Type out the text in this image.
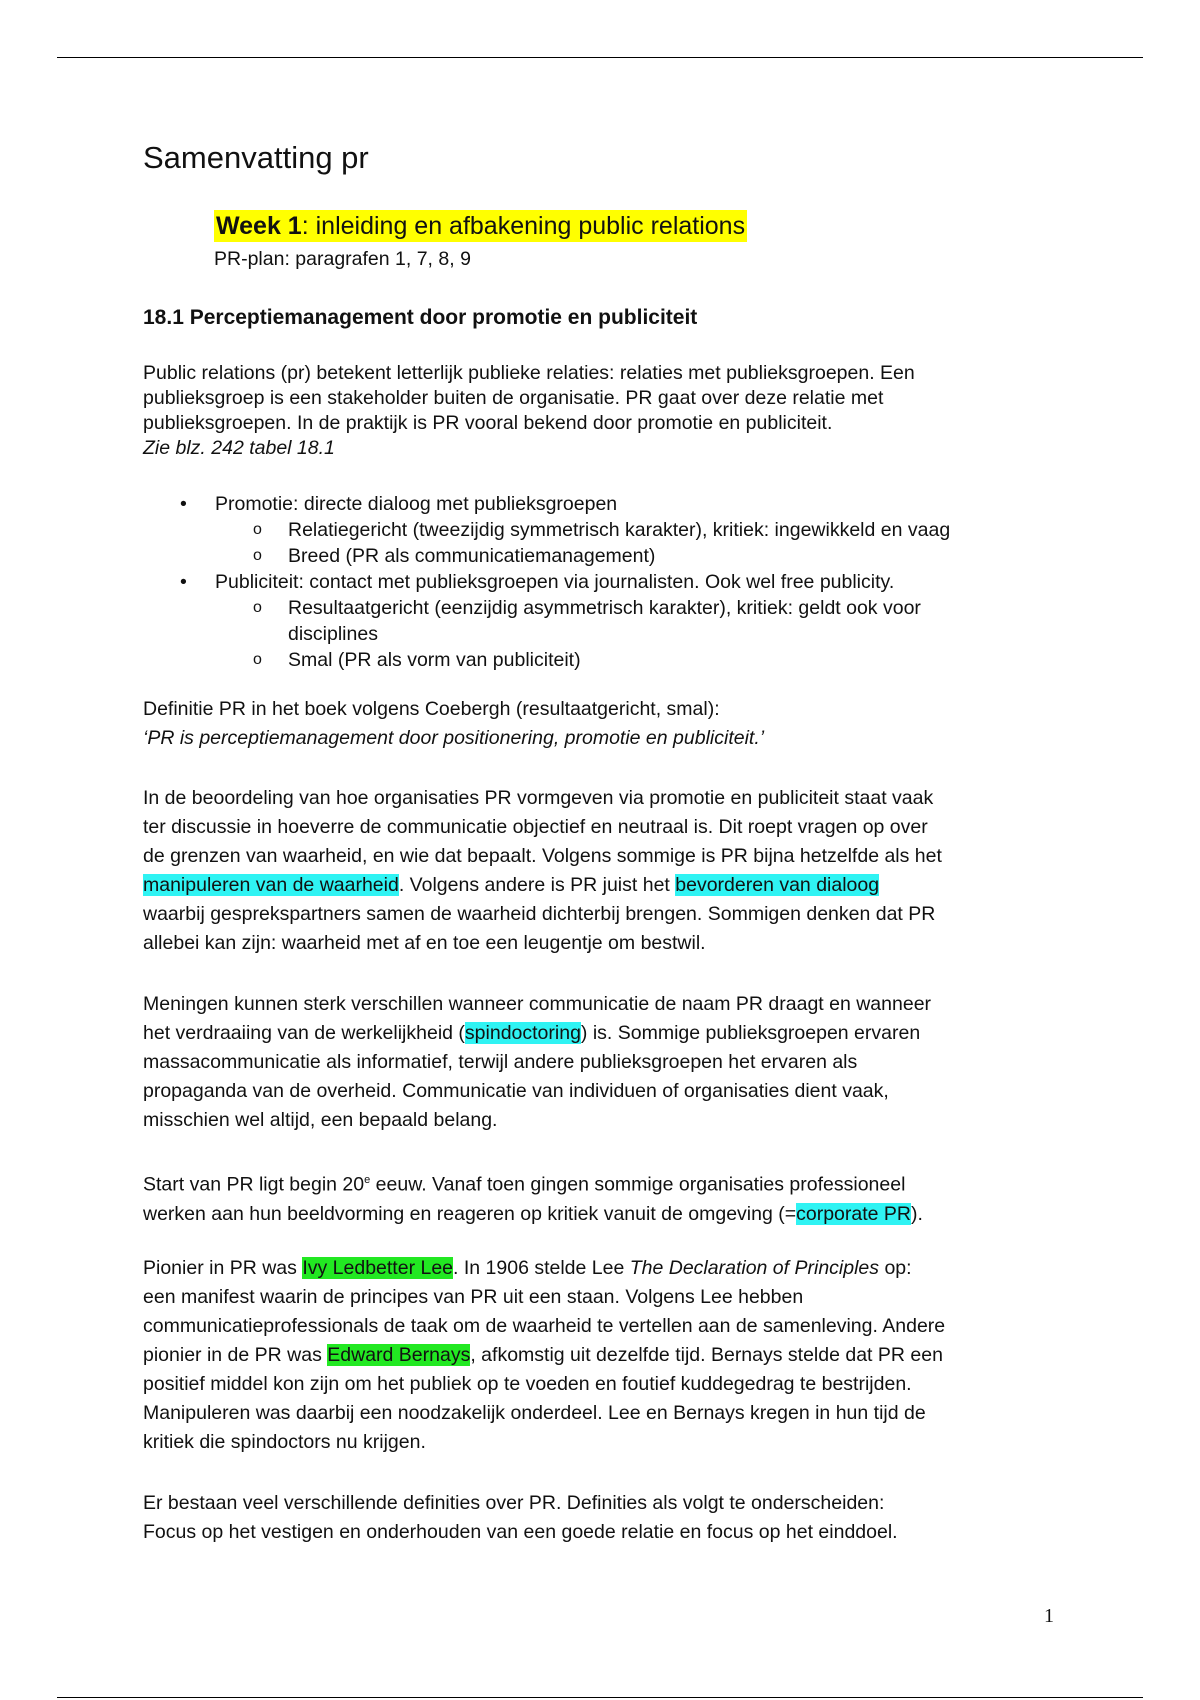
Samenvatting pr
Week 1: inleiding en afbakening public relations
PR-plan: paragrafen 1, 7, 8, 9
18.1 Perceptiemanagement door promotie en publiciteit
Public relations (pr) betekent letterlijk publieke relaties: relaties met publieksgroepen. Een
publieksgroep is een stakeholder buiten de organisatie. PR gaat over deze relatie met
publieksgroepen. In de praktijk is PR vooral bekend door promotie en publiciteit.
Zie blz. 242 tabel 18.1
• Promotie: directe dialoog met publieksgroepen
o Relatiegericht (tweezijdig symmetrisch karakter), kritiek: ingewikkeld en vaag
o Breed (PR als communicatiemanagement)
• Publiciteit: contact met publieksgroepen via journalisten. Ook wel free publicity.
o Resultaatgericht (eenzijdig asymmetrisch karakter), kritiek: geldt ook voor
disciplines
o Smal (PR als vorm van publiciteit)
Definitie PR in het boek volgens Coebergh (resultaatgericht, smal):
‘PR is perceptiemanagement door positionering, promotie en publiciteit.’
In de beoordeling van hoe organisaties PR vormgeven via promotie en publiciteit staat vaak
ter discussie in hoeverre de communicatie objectief en neutraal is. Dit roept vragen op over
de grenzen van waarheid, en wie dat bepaalt. Volgens sommige is PR bijna hetzelfde als het
manipuleren van de waarheid. Volgens andere is PR juist het bevorderen van dialoog
waarbij gesprekspartners samen de waarheid dichterbij brengen. Sommigen denken dat PR
allebei kan zijn: waarheid met af en toe een leugentje om bestwil.
Meningen kunnen sterk verschillen wanneer communicatie de naam PR draagt en wanneer
het verdraaiing van de werkelijkheid (spindoctoring) is. Sommige publieksgroepen ervaren
massacommunicatie als informatief, terwijl andere publieksgroepen het ervaren als
propaganda van de overheid. Communicatie van individuen of organisaties dient vaak,
misschien wel altijd, een bepaald belang.
Start van PR ligt begin 20e eeuw. Vanaf toen gingen sommige organisaties professioneel
werken aan hun beeldvorming en reageren op kritiek vanuit de omgeving (=corporate PR).
Pionier in PR was Ivy Ledbetter Lee. In 1906 stelde Lee The Declaration of Principles op:
een manifest waarin de principes van PR uit een staan. Volgens Lee hebben
communicatieprofessionals de taak om de waarheid te vertellen aan de samenleving. Andere
pionier in de PR was Edward Bernays, afkomstig uit dezelfde tijd. Bernays stelde dat PR een
positief middel kon zijn om het publiek op te voeden en foutief kuddegedrag te bestrijden.
Manipuleren was daarbij een noodzakelijk onderdeel. Lee en Bernays kregen in hun tijd de
kritiek die spindoctors nu krijgen.
Er bestaan veel verschillende definities over PR. Definities als volgt te onderscheiden:
Focus op het vestigen en onderhouden van een goede relatie en focus op het einddoel.
1
